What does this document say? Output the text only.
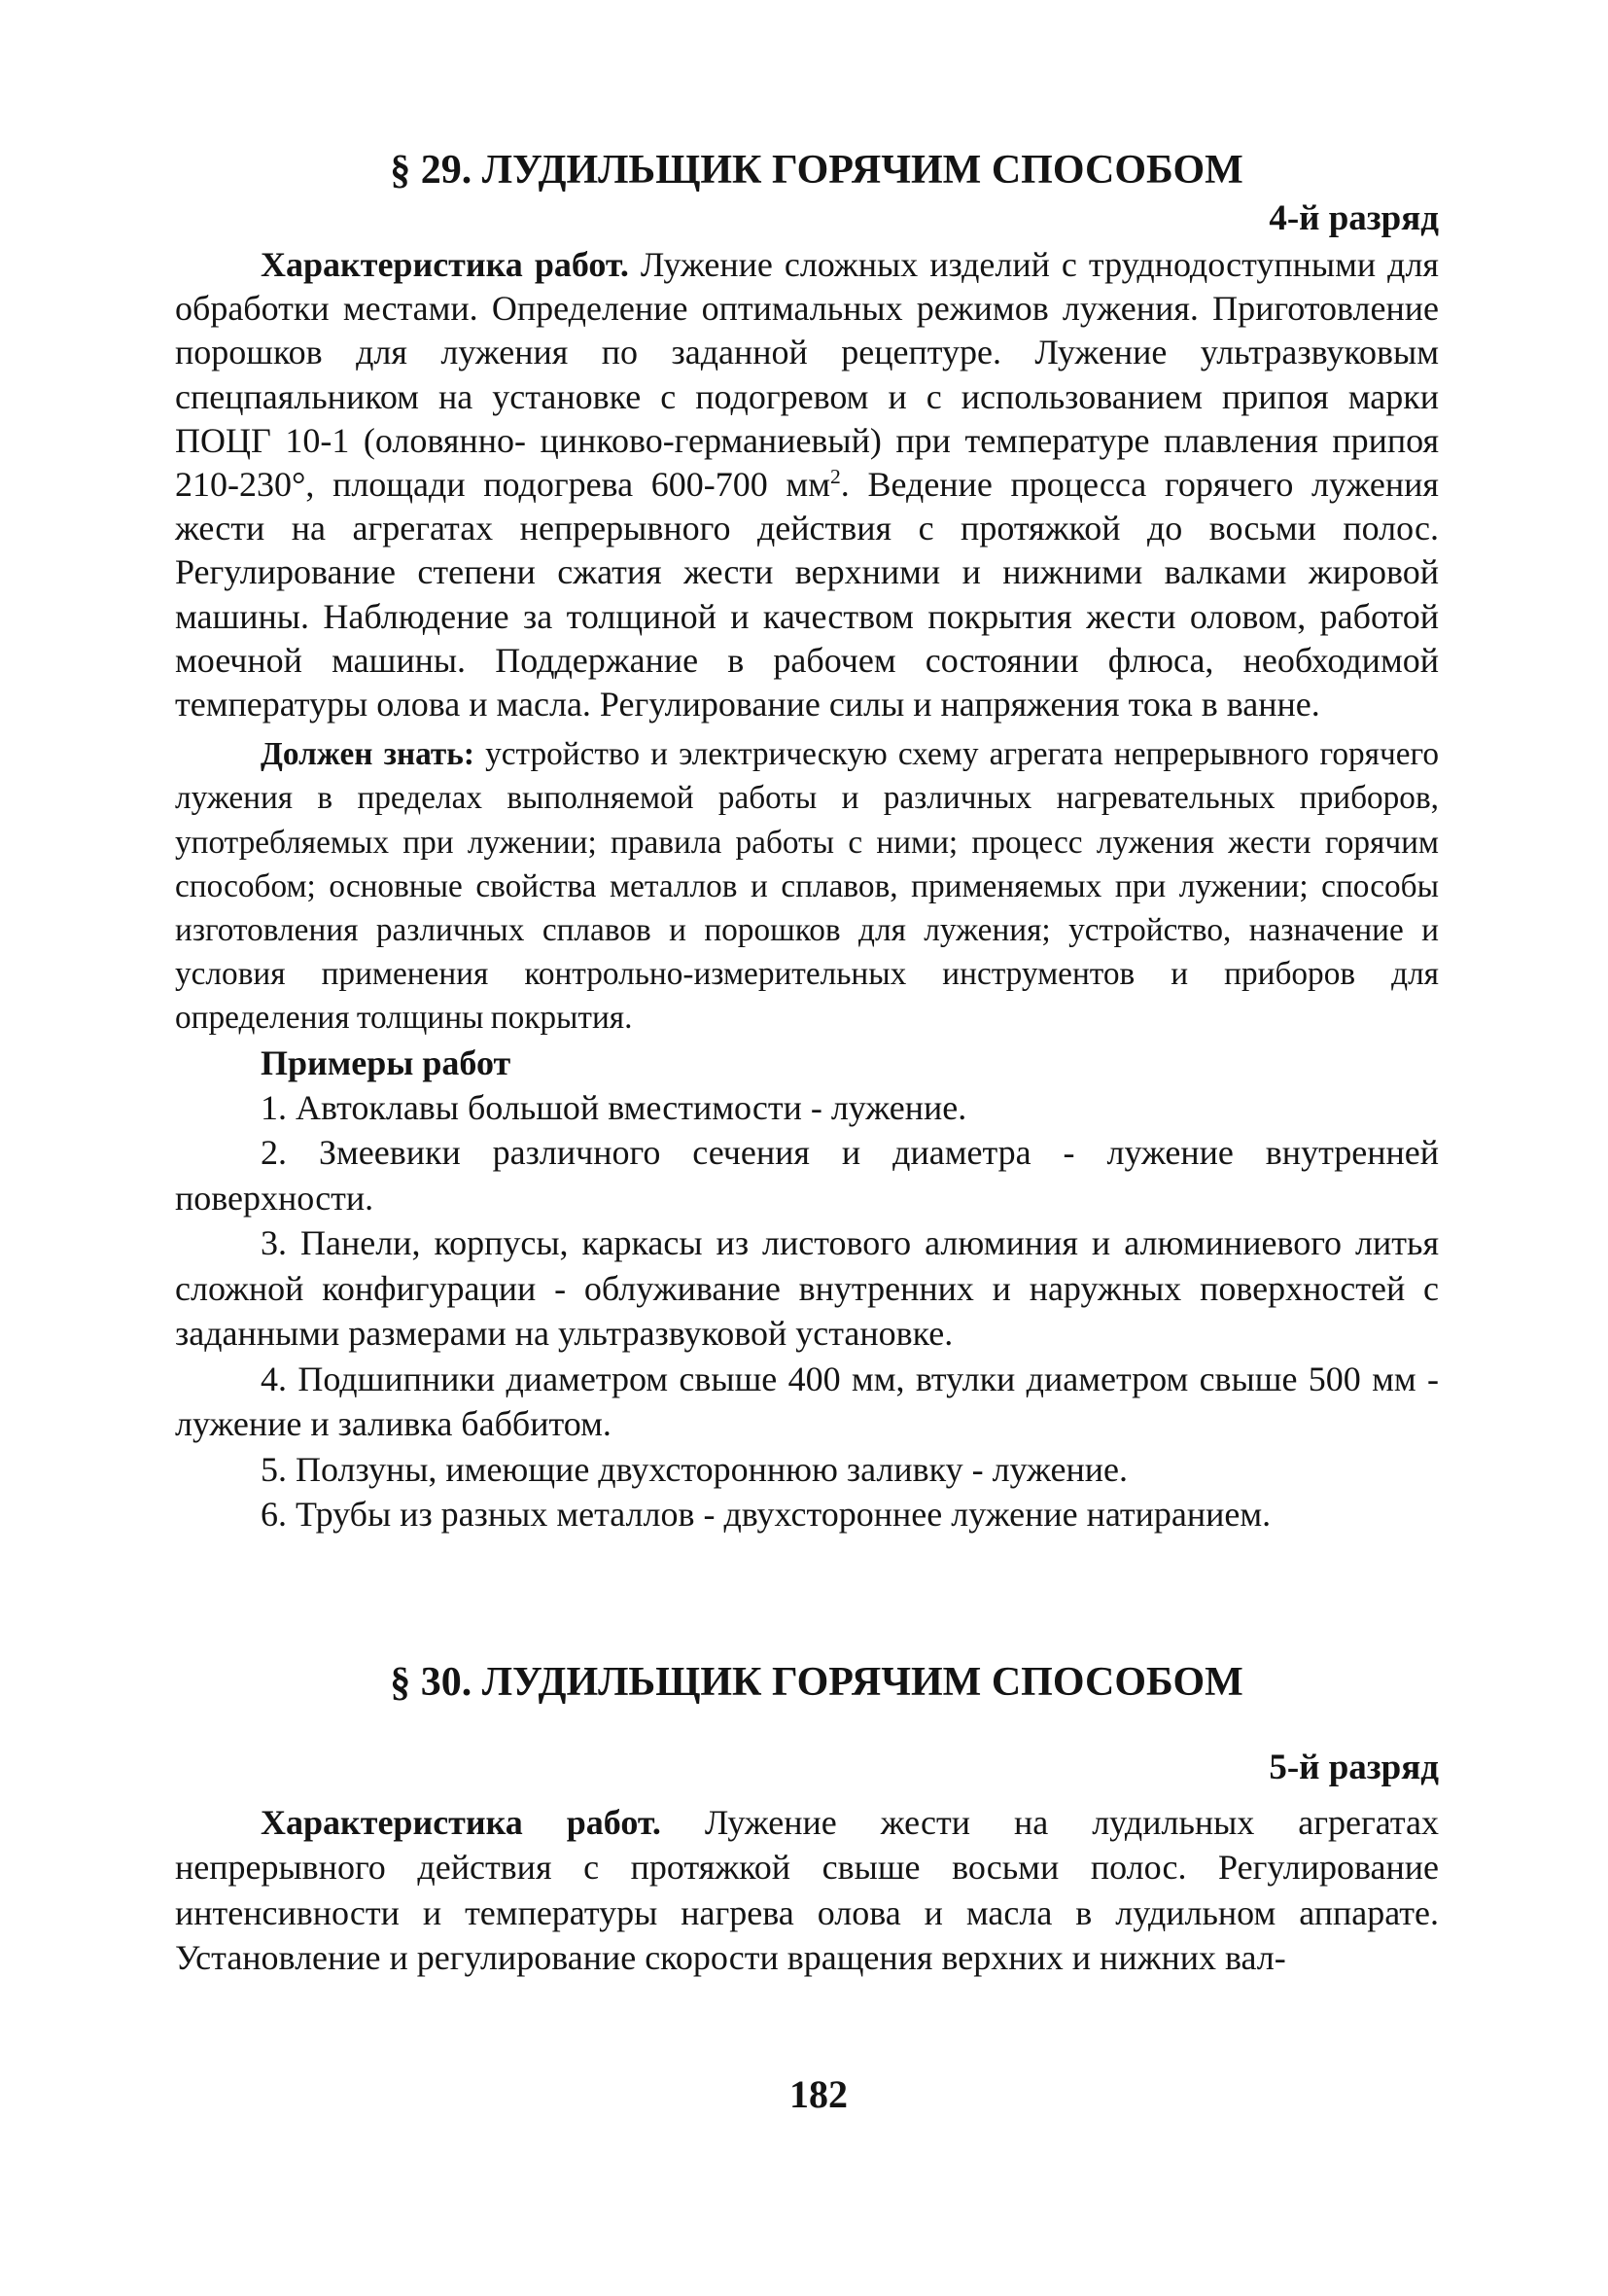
§ 29. ЛУДИЛЬЩИК ГОРЯЧИМ СПОСОБОМ

4-й разряд

Характеристика работ. Лужение сложных изделий с труднодоступными для обработки местами. Определение оптимальных режимов лужения. Приготовление порошков для лужения по заданной рецептуре. Лужение ультразвуковым спецпаяльником на установке с подогревом и с использованием припоя марки ПОЦГ 10-1 (оловянно- цинково-германиевый) при температуре плавления припоя 210-230°, площади подогрева 600-700 $мм^2$. Ведение процесса горячего лужения жести на агрегатах непрерывного действия с протяжкой до восьми полос. Регулирование степени сжатия жести верхними и нижними валками жировой машины. Наблюдение за толщиной и качеством покрытия жести оловом, работой моечной машины. Поддержание в рабочем состоянии флюса, необходимой температуры олова и масла. Регулирование силы и напряжения тока в ванне.

Должен знать: устройство и электрическую схему агрегата непрерывного горячего лужения в пределах выполняемой работы и различных нагревательных приборов, употребляемых при лужении; правила работы с ними; процесс лужения жести горячим способом; основные свойства металлов и сплавов, применяемых при лужении; способы изготовления различных сплавов и порошков для лужения; устройство, назначение и условия применения контрольно-измерительных инструментов и приборов для определения толщины покрытия.

Примеры работ

1. Автоклавы большой вместимости - лужение.

2. Змеевики различного сечения и диаметра - лужение внутренней поверхности.

3. Панели, корпусы, каркасы из листового алюминия и алюминиевого литья сложной конфигурации - облуживание внутренних и наружных поверхностей с заданными размерами на ультразвуковой установке.

4. Подшипники диаметром свыше 400 мм, втулки диаметром свыше 500 мм - лужение и заливка баббитом.

5. Ползуны, имеющие двухстороннюю заливку - лужение.

6. Трубы из разных металлов - двухстороннее лужение натиранием.

§ 30. ЛУДИЛЬЩИК ГОРЯЧИМ СПОСОБОМ

5-й разряд

Характеристика работ. Лужение жести на лудильных агрегатах непрерывного действия с протяжкой свыше восьми полос. Регулирование интенсивности и температуры нагрева олова и масла в лудильном аппарате. Установление и регулирование скорости вращения верхних и нижних вал-

182
